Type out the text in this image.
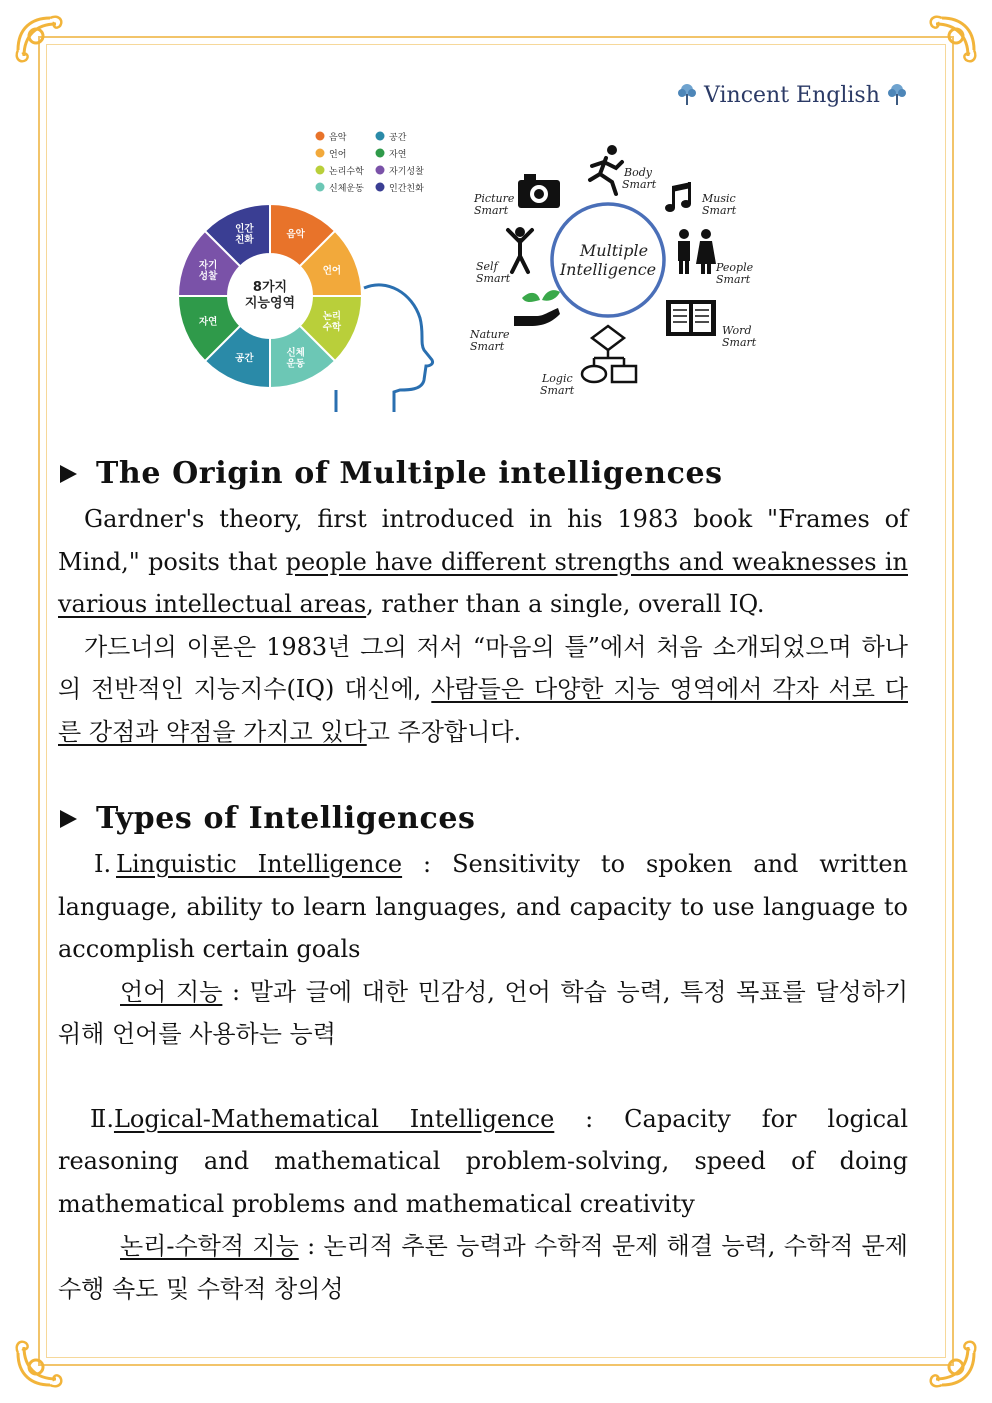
Vincent English
음악	공간
언어	자연
논리수학	자기성찰
신체운동	인간친화
음악
언어
논리
수학
신체
운동
공간
자연
자기
성찰
인간
친화
8가지
지능영역
Multiple
Intelligence
Picture
Smart
Body
Smart
Music
Smart
People
Smart
Word
Smart
Logic
Smart
Nature
Smart
Self
Smart
The Origin of Multiple intelligences

Gardner's theory, first introduced in his 1983 book "Frames of Mind," posits that people have different strengths and weaknesses in various intellectual areas, rather than a single, overall IQ.

가드너의 이론은 1983년 그의 저서 “마음의 틀”에서 처음 소개되었으며 하나의 전반적인 지능지수(IQ) 대신에, 사람들은 다양한 지능 영역에서 각자 서로 다른 강점과 약점을 가지고 있다고 주장합니다.

Types of Intelligences

Ⅰ. Linguistic Intelligence : Sensitivity to spoken and written language, ability to learn languages, and capacity to use language to accomplish certain goals

언어 지능 : 말과 글에 대한 민감성, 언어 학습 능력, 특정 목표를 달성하기 위해 언어를 사용하는 능력

Ⅱ.Logical-Mathematical Intelligence : Capacity for logical reasoning and mathematical problem-solving, speed of doing mathematical problems and mathematical creativity

논리-수학적 지능 : 논리적 추론 능력과 수학적 문제 해결 능력, 수학적 문제 수행 속도 및 수학적 창의성
